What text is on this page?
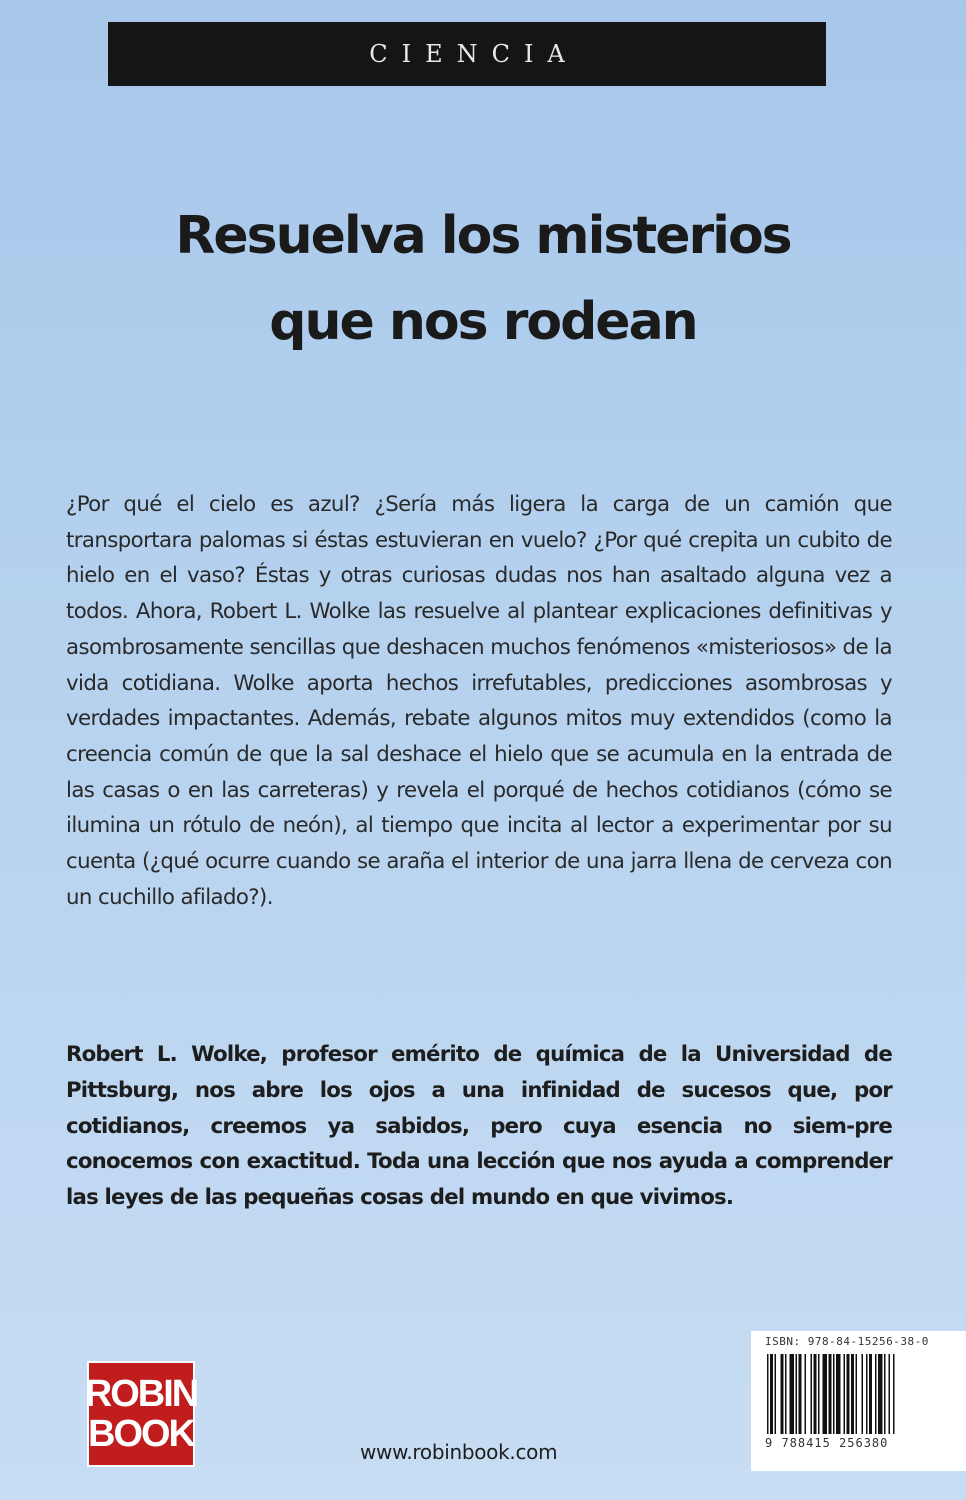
CIENCIA
Resuelva los misterios
que nos rodean

¿Por qué el cielo es azul? ¿Sería más ligera la carga de un camión que transportara palomas si éstas estuvieran en vuelo? ¿Por qué crepita un cubito de hielo en el vaso? Éstas y otras curiosas dudas nos han asaltado alguna vez a todos. Ahora, Robert L. Wolke las resuelve al plantear explicaciones definitivas y asombrosamente sencillas que deshacen muchos fenómenos «misteriosos» de la vida cotidiana. Wolke aporta hechos irrefutables, predicciones asombrosas y verdades impactantes. Además, rebate algunos mitos muy extendidos (como la creencia común de que la sal deshace el hielo que se acumula en la entrada de las casas o en las carreteras) y revela el porqué de hechos cotidianos (cómo se ilumina un rótulo de neón), al tiempo que incita al lector a experimentar por su cuenta (¿qué ocurre cuando se araña el interior de una jarra llena de cerveza con un cuchillo afilado?).

Robert L. Wolke, profesor emérito de química de la Universidad de Pittsburg, nos abre los ojos a una infinidad de sucesos que, por cotidianos, creemos ya sabidos, pero cuya esencia no siem-pre conocemos con exactitud. Toda una lección que nos ayuda a comprender las leyes de las pequeñas cosas del mundo en que vivimos.

ROBIN
BOOK	www.robinbook.com
ISBN: 978-84-15256-38-0
9 788415 256380
